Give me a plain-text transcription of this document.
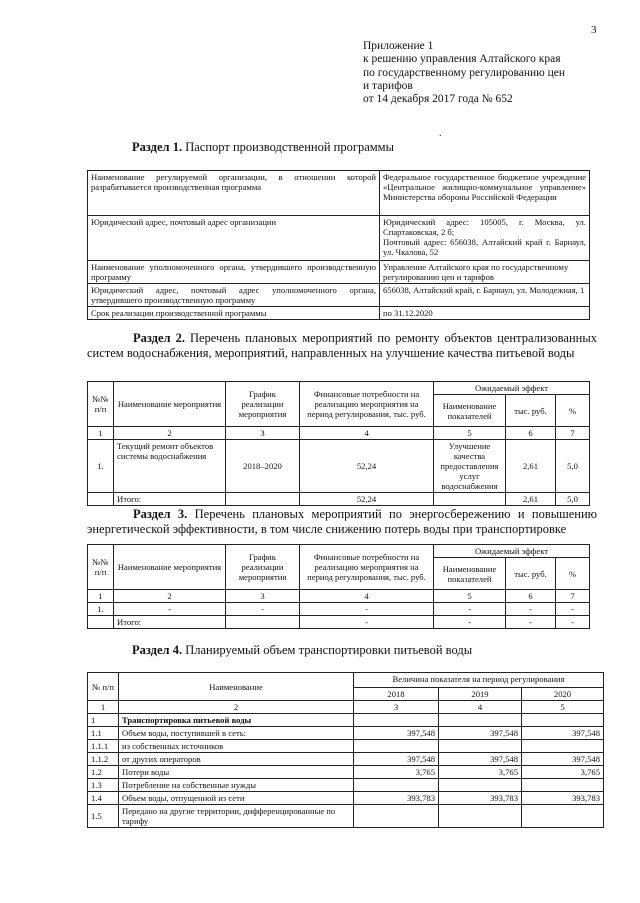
3
.
Приложение 1
к решению управления Алтайского края
по государственному регулированию цен
и тарифов
от 14 декабря 2017 года № 652
Раздел 1. Паспорт производственной программы
Наименование регулируемой организации, в отношении которой разрабатывается производственная программа	Федеральное государственное бюджетное учреждение «Центральное жилищно-коммунальное управление» Министерства обороны Российской Федерации
Юридический адрес, почтовый адрес организации	Юридический адрес: 105005, г. Москва, ул. Спартаковская, 2 б;
Почтовый адрес: 656038, Алтайский край г. Барнаул, ул. Чкалова, 52

Наименование уполномоченного органа, утвердившего производственную программу	Управление Алтайского края по государственному регулированию цен и тарифов
Юридический адрес, почтовый адрес уполномоченного органа, утвердившего производственную программу	656038, Алтайский край, г. Барнаул, ул. Молодежная, 1
Срок реализации производственной программы	по 31.12.2020
Раздел 2. Перечень плановых мероприятий по ремонту объектов централизованных систем водоснабжения, мероприятий, направленных на улучшение качества питьевой воды
№№ п/п	Наименование мероприятия	График реализации мероприятия	Финансовые потребности на реализацию мероприятия на период регулирования, тыс. руб.	Ожидаемый эффект		
				Наименование показателей	тыс. руб.	%
1	2	3	4	5	6	7
1.	Текущий ремонт объектов системы водоснабжения	2018–2020	52,24	Улучшение качества предоставления услуг водоснабжения	2,61	5,0
	Итого:		52,24		2,61	5,0
Раздел 3. Перечень плановых мероприятий по энергосбережению и повышению энергетической эффективности, в том числе снижению потерь воды при транспортировке
№№ п/п	Наименование мероприятия	График реализации мероприятия	Финансовые потребности на реализацию мероприятия на период регулирования, тыс. руб.	Ожидаемый эффект		
				Наименование показателей	тыс. руб.	%
1	2	3	4	5	6	7
1.	-	-	-	-	-	-
	Итого:		-	-	-	-
Раздел 4. Планируемый объем транспортировки питьевой воды
№ п/п	Наименование	Величина показателя на период регулирования		
		2018	2019	2020
1	2	3	4	5
1	Транспортировка питьевой воды			
1.1	Объем воды, поступившей в сеть:	397,548	397,548	397,548
1.1.1	из собственных источников			
1.1.2	от других операторов	397,548	397,548	397,548
1.2	Потери воды	3,765	3,765	3,765
1.3	Потребление на собственные нужды			
1.4	Объем воды, отпущенной из сети	393,783	393,783	393,783
1.5	Передано на другие территории, дифференцированные по тарифу			
